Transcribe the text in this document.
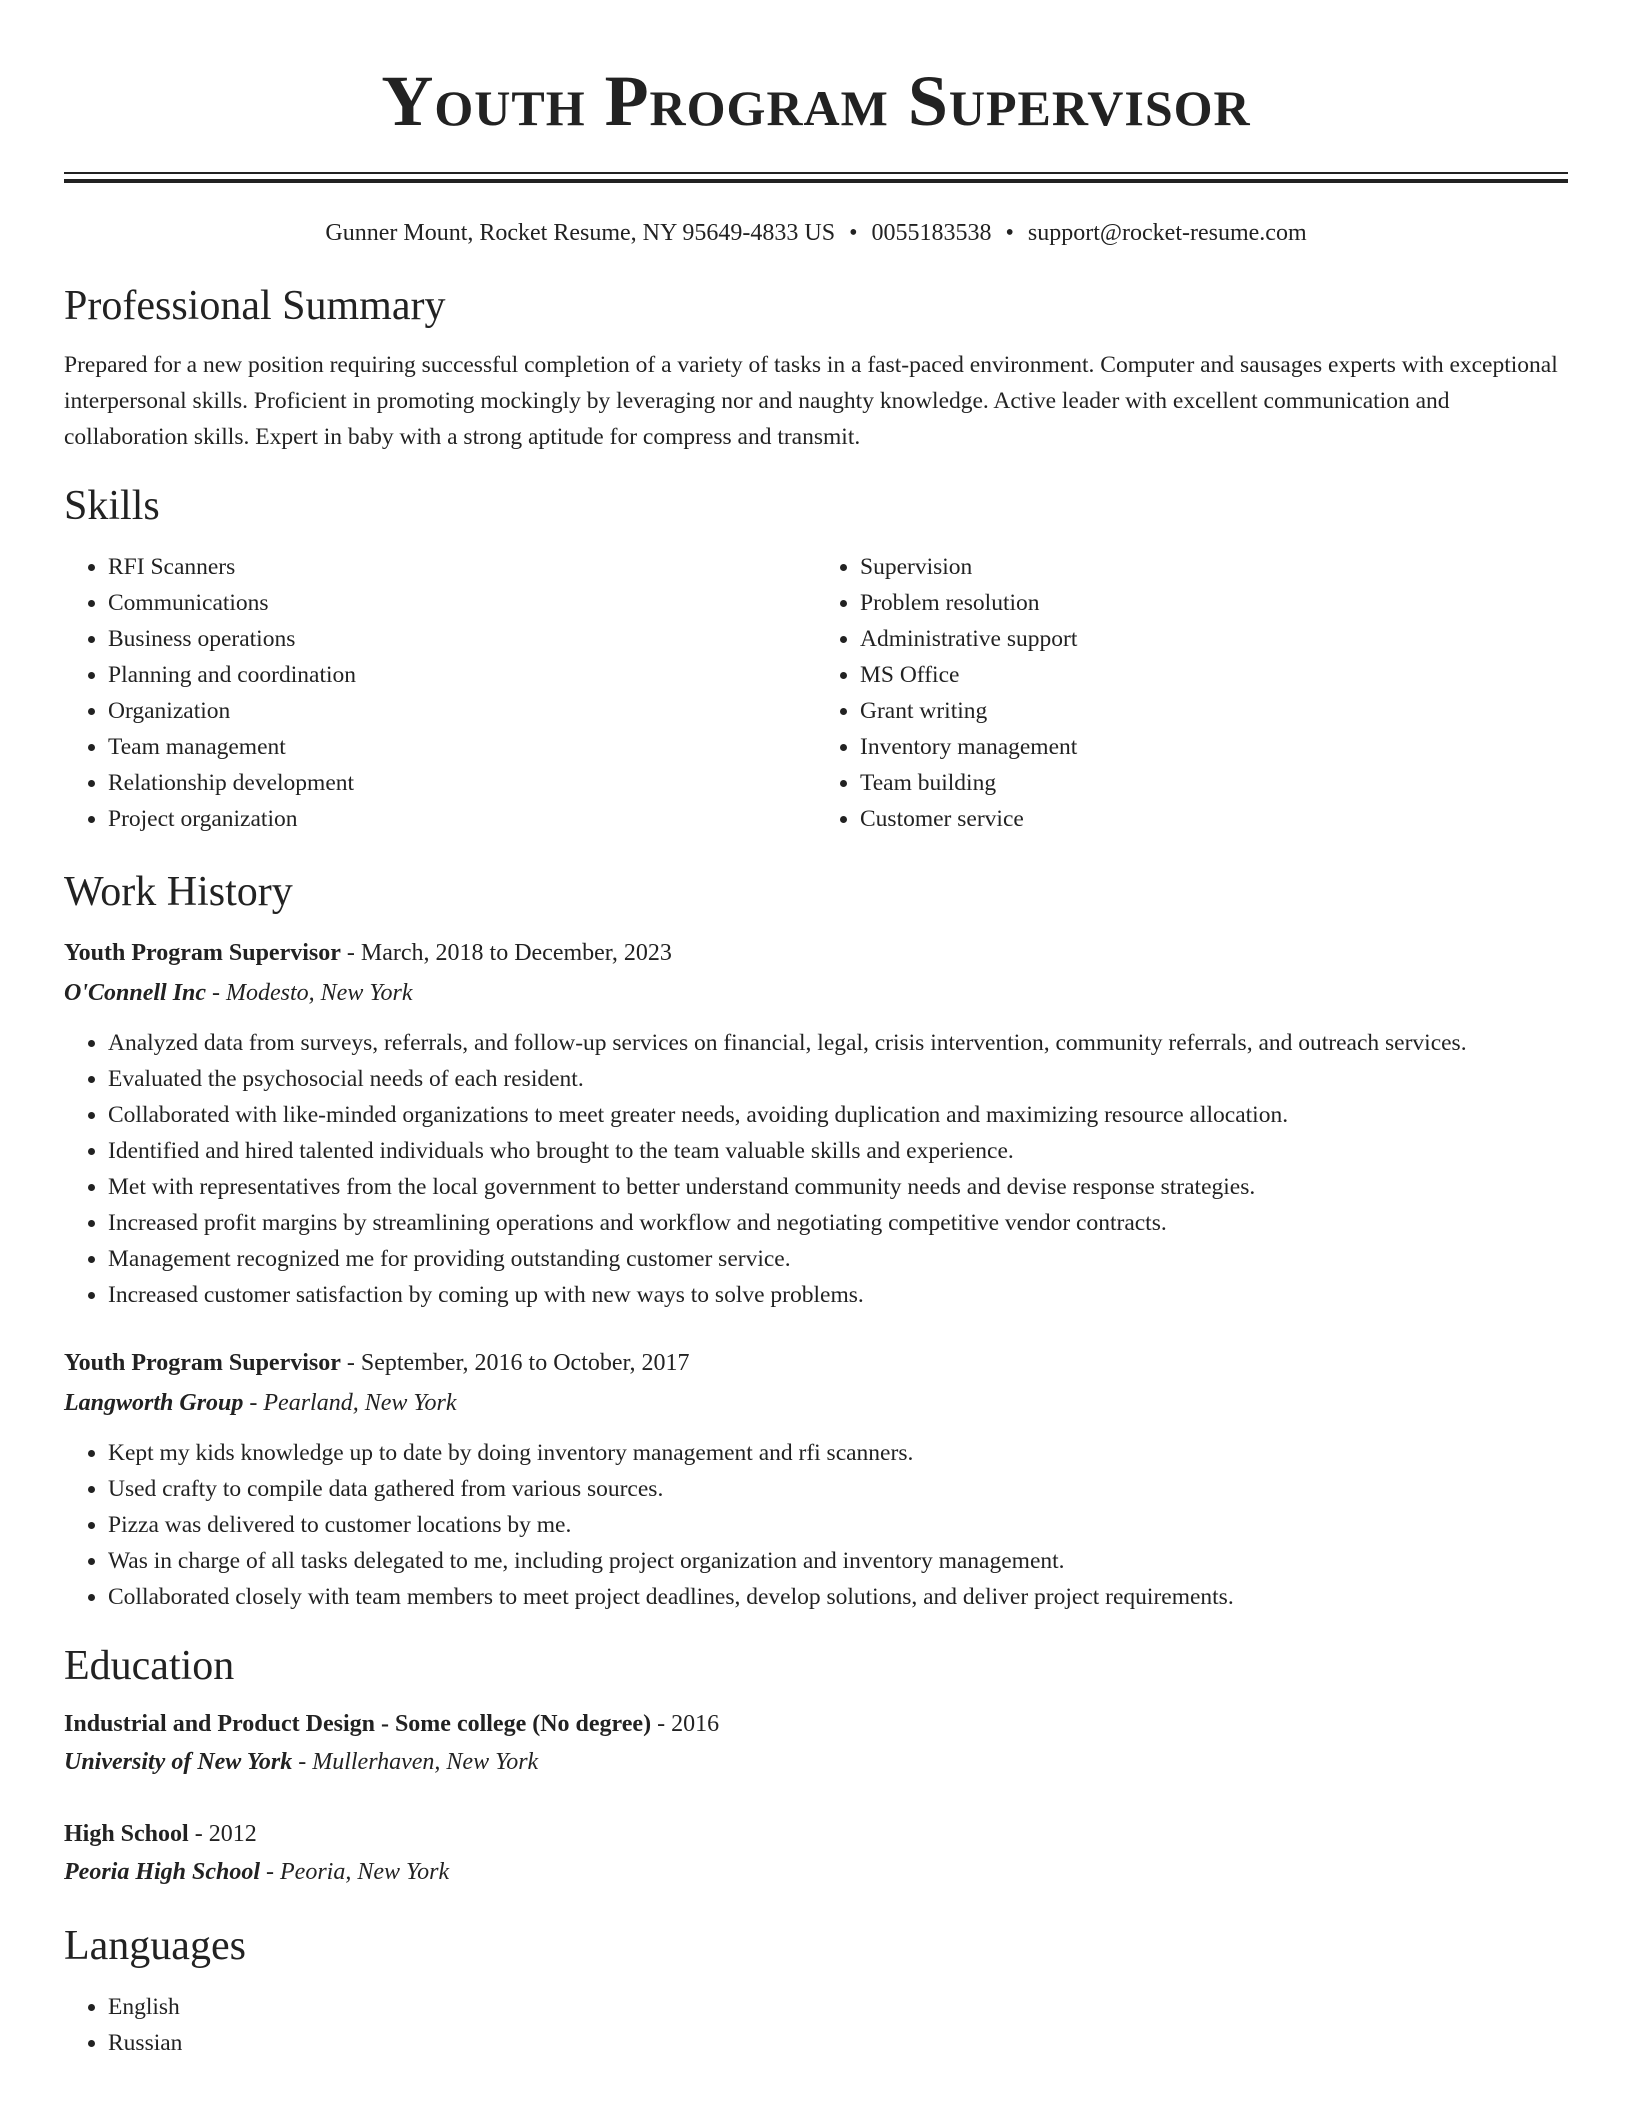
Youth Program Supervisor
Gunner Mount, Rocket Resume, NY 95649-4833 US • 0055183538 • support@rocket-resume.com
Professional Summary

Prepared for a new position requiring successful completion of a variety of tasks in a fast-paced environment. Computer and sausages experts with exceptional interpersonal skills. Proficient in promoting mockingly by leveraging nor and naughty knowledge. Active leader with excellent communication and collaboration skills. Expert in baby with a strong aptitude for compress and transmit.

Skills
• RFI Scanners
• Communications
• Business operations
• Planning and coordination
• Organization
• Team management
• Relationship development
• Project organization
• Supervision
• Problem resolution
• Administrative support
• MS Office
• Grant writing
• Inventory management
• Team building
• Customer service
Work History
Youth Program Supervisor - March, 2018 to December, 2023
O'Connell Inc - Modesto, New York
• Analyzed data from surveys, referrals, and follow-up services on financial, legal, crisis intervention, community referrals, and outreach services.
• Evaluated the psychosocial needs of each resident.
• Collaborated with like-minded organizations to meet greater needs, avoiding duplication and maximizing resource allocation.
• Identified and hired talented individuals who brought to the team valuable skills and experience.
• Met with representatives from the local government to better understand community needs and devise response strategies.
• Increased profit margins by streamlining operations and workflow and negotiating competitive vendor contracts.
• Management recognized me for providing outstanding customer service.
• Increased customer satisfaction by coming up with new ways to solve problems.
Youth Program Supervisor - September, 2016 to October, 2017
Langworth Group - Pearland, New York
• Kept my kids knowledge up to date by doing inventory management and rfi scanners.
• Used crafty to compile data gathered from various sources.
• Pizza was delivered to customer locations by me.
• Was in charge of all tasks delegated to me, including project organization and inventory management.
• Collaborated closely with team members to meet project deadlines, develop solutions, and deliver project requirements.
Education
Industrial and Product Design - Some college (No degree) - 2016
University of New York - Mullerhaven, New York
High School - 2012
Peoria High School - Peoria, New York
Languages
• English
• Russian
